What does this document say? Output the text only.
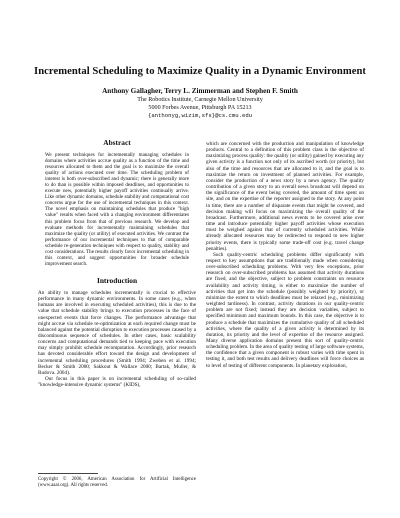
Incremental Scheduling to Maximize Quality in a Dynamic Environment
Anthony Gallagher, Terry L. Zimmerman and Stephen F. Smith
The Robotics Institute, Carnegie Mellon University
5000 Forbes Avenue, Pittsburgh PA 15213
{anthonyg,wizim,sfs}@cs.cmu.edu
Abstract

We present techniques for incrementally managing schedules in domains where activities accrue quality as a function of the time and resources allocated to them and the goal is to maximize the overall quality of actions executed over time. The scheduling problem of interest is both over-subscribed and dynamic; there is generally more to do than is possible within imposed deadlines, and opportunities to execute new, potentially higher payoff activities continually arrive. Like other dynamic domains, schedule stability and computational cost concerns argue for the use of incremental techniques in this context. The novel emphasis on maintaining schedules that produce "high value" results when faced with a changing environment differentiates this problem focus from that of previous research. We develop and evaluate methods for incrementally maintaining schedules that maximize the quality (or utility) of executed activities. We contrast the performance of our incremental techniques to that of comparable schedule re-generation techniques with respect to quality, stability and cost considerations. The results clearly favor incremental scheduling in this context, and suggest opportunities for broader schedule improvement search.

Introduction

An ability to manage schedules incrementally is crucial to effective performance in many dynamic environments. In some cases (e.g., when humans are involved in executing scheduled activities), this is due to the value that schedule stability brings to execution processes in the face of unexpected events that force changes. The performance advantage that might accrue via schedule re-optimization at each required change must be balanced against the potential disruption to execution processes caused by a discontinuous sequence of schedules. In other cases, basic scalability concerns and computational demands tied to keeping pace with execution may simply prohibit schedule recomputation. Accordingly, prior research has devoted considerable effort toward the design and development of incremental scheduling procedures (Smith 1994; Zweben et al. 1994; Becker & Smith 2000; Sakkout & Wallace 2000; Bartak, Muller, & Rudova. 2004).

Our focus in this paper is on incremental scheduling of so-called "knowledge-intensive dynamic systems" (KIDS),

Copyright © 2006, American Association for Artificial Intelligence (www.aaai.org). All rights reserved.

which are concerned with the production and manipulation of knowledge products. Central to a definition of this problem class is the objective of maximizing process quality: the quality (or utility) gained by executing any given activity is a function not only of its ascribed worth (or priority), but also of the time and resources that are allocated to it, and the goal is to maximize the return on investment of planned activities. For example, consider the production of a news story by a news agency. The quality contribution of a given story to an overall news broadcast will depend on the significance of the event being covered, the amount of time spent on site, and on the expertise of the reporter assigned to the story. At any point in time, there are a number of disparate events that might be covered, and decision making will focus on maximizing the overall quality of the broadcast. Furthermore, additional news events to be covered arise over time and introduce potentially higher payoff activities whose execution must be weighed against that of currently scheduled activities. While already allocated resources may be redirected to respond to new higher priority events, there is typically some trade-off cost (e.g. travel change penalties).

Such quality-centric scheduling problems differ significantly with respect to key assumptions that are traditionally made when considering over-subscribed scheduling problems. With very few exceptions, prior research on over-subscribed problems has assumed that activity durations are fixed, and the objective, subject to problem constraints on resource availability and activity timing, is either to maximize the number of activities that get into the schedule (possibly weighted by priority), or minimize the extent to which deadlines must be relaxed (e.g., minimizing weighted tardiness). In contrast, activity durations in our quality-centric problem are not fixed; instead they are decision variables, subject to specified minimum and maximum bounds. In this case, the objective is to produce a schedule that maximizes the cumulative quality of all scheduled activities, where the quality of a given activity is determined by its duration, its priority and the level of expertise of the resource assigned. Many diverse application domains present this sort of quality-centric scheduling problem. In the area of quality testing of large software systems, the confidence that a given component is robust varies with time spent in testing it, and both test results and delivery deadlines will force choices as to level of testing of different components. In planetary exploration,
